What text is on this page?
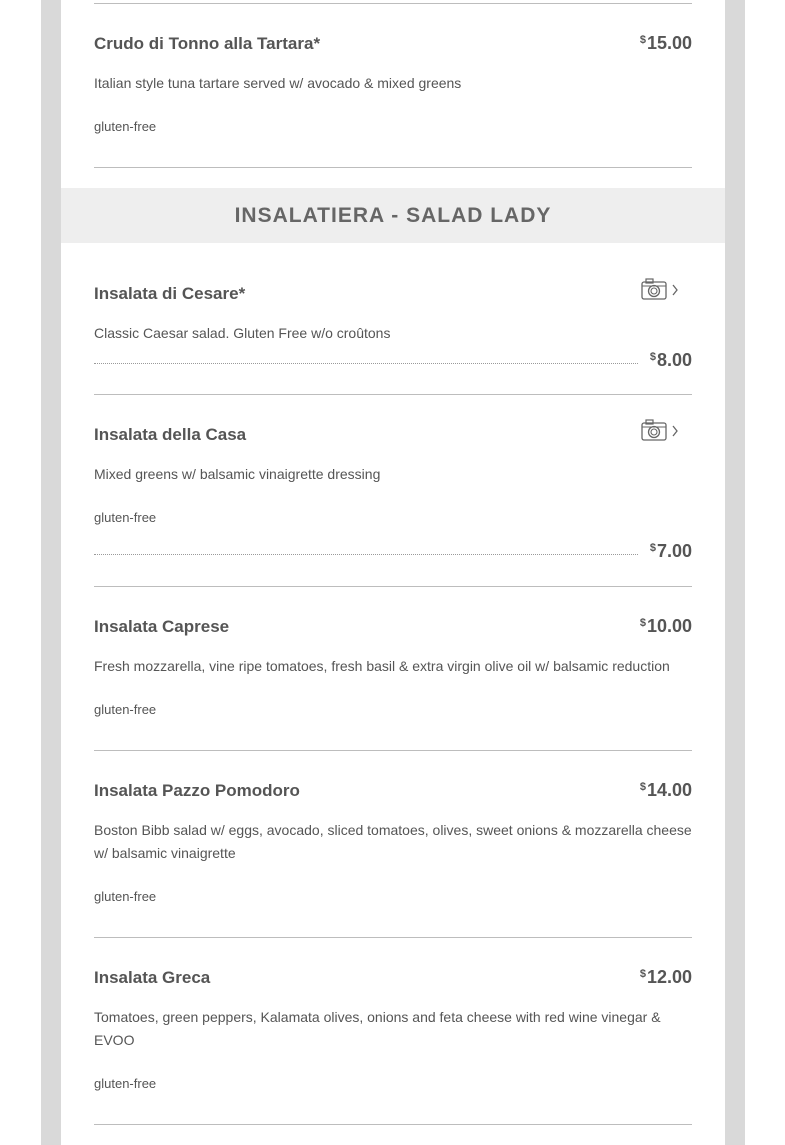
Crudo di Tonno alla Tartara*	$15.00
Italian style tuna tartare served w/ avocado & mixed greens
gluten-free
INSALATIERA - SALAD LADY
Insalata di Cesare*
Classic Caesar salad. Gluten Free w/o croûtons
$8.00
Insalata della Casa
Mixed greens w/ balsamic vinaigrette dressing
gluten-free
$7.00
Insalata Caprese	$10.00
Fresh mozzarella, vine ripe tomatoes, fresh basil & extra virgin olive oil w/ balsamic reduction
gluten-free
Insalata Pazzo Pomodoro	$14.00
Boston Bibb salad w/ eggs, avocado, sliced tomatoes, olives, sweet onions & mozzarella cheese w/ balsamic vinaigrette
gluten-free
Insalata Greca	$12.00
Tomatoes, green peppers, Kalamata olives, onions and feta cheese with red wine vinegar & EVOO
gluten-free
